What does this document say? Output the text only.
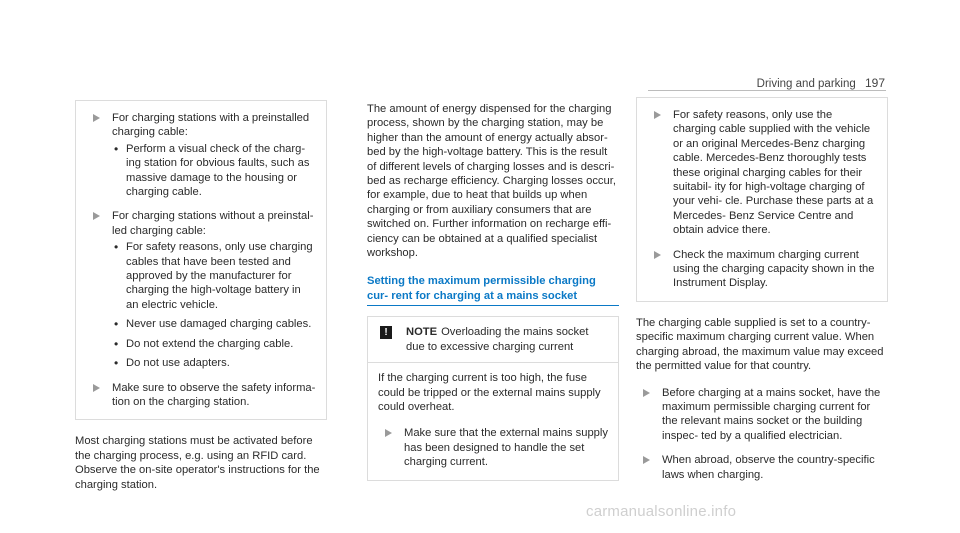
Driving and parking 197
For charging stations with a preinstalled charging cable:
• Perform a visual check of the charg- ing station for obvious faults, such as massive damage to the housing or charging cable.
For charging stations without a preinstal- led charging cable:
• For safety reasons, only use charging cables that have been tested and approved by the manufacturer for charging the high-voltage battery in an electric vehicle.
• Never use damaged charging cables.
• Do not extend the charging cable.
• Do not use adapters.
Make sure to observe the safety informa- tion on the charging station.

Most charging stations must be activated before the charging process, e.g. using an RFID card. Observe the on-site operator's instructions for the charging station.

The amount of energy dispensed for the charging process, shown by the charging station, may be higher than the amount of energy actually absor- bed by the high-voltage battery. This is the result of different levels of charging losses and is descri- bed as recharge efficiency. Charging losses occur, for example, due to heat that builds up when charging or from auxiliary consumers that are switched on. Further information on recharge effi- ciency can be obtained at a qualified specialist workshop.

Setting the maximum permissible charging cur- rent for charging at a mains socket
!	NOTE Overloading the mains socket due to excessive charging current

If the charging current is too high, the fuse could be tripped or the external mains supply could overheat.

Make sure that the external mains supply has been designed to handle the set charging current.
For safety reasons, only use the charging cable supplied with the vehicle or an original Mercedes-Benz charging cable. Mercedes-Benz thoroughly tests these original charging cables for their suitabil- ity for high-voltage charging of your vehi- cle. Purchase these parts at a Mercedes- Benz Service Centre and obtain advice there.
Check the maximum charging current using the charging capacity shown in the Instrument Display.

The charging cable supplied is set to a country- specific maximum charging current value. When charging abroad, the maximum value may exceed the permitted value for that country.

Before charging at a mains socket, have the maximum permissible charging current for the relevant mains socket or the building inspec- ted by a qualified electrician.
When abroad, observe the country-specific laws when charging.
carmanualsonline.info
